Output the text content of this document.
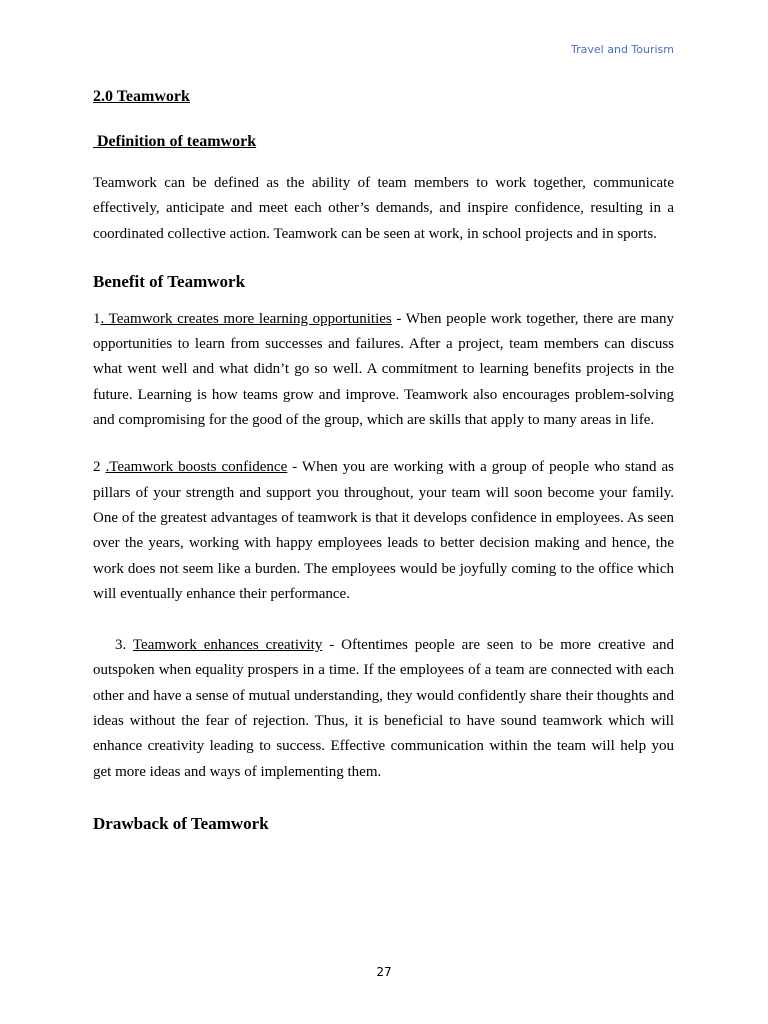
Travel and Tourism
2.0 Teamwork
Definition of teamwork

Teamwork can be defined as the ability of team members to work together, communicate effectively, anticipate and meet each other’s demands, and inspire confidence, resulting in a coordinated collective action. Teamwork can be seen at work, in school projects and in sports.

Benefit of Teamwork

1. Teamwork creates more learning opportunities - When people work together, there are many opportunities to learn from successes and failures. After a project, team members can discuss what went well and what didn’t go so well. A commitment to learning benefits projects in the future. Learning is how teams grow and improve. Teamwork also encourages problem-solving and compromising for the good of the group, which are skills that apply to many areas in life.

2 .Teamwork boosts confidence - When you are working with a group of people who stand as pillars of your strength and support you throughout, your team will soon become your family. One of the greatest advantages of teamwork is that it develops confidence in employees. As seen over the years, working with happy employees leads to better decision making and hence, the work does not seem like a burden. The employees would be joyfully coming to the office which will eventually enhance their performance.

3. Teamwork enhances creativity - Oftentimes people are seen to be more creative and outspoken when equality prospers in a time. If the employees of a team are connected with each other and have a sense of mutual understanding, they would confidently share their thoughts and ideas without the fear of rejection. Thus, it is beneficial to have sound teamwork which will enhance creativity leading to success. Effective communication within the team will help you get more ideas and ways of implementing them.

Drawback of Teamwork
27
